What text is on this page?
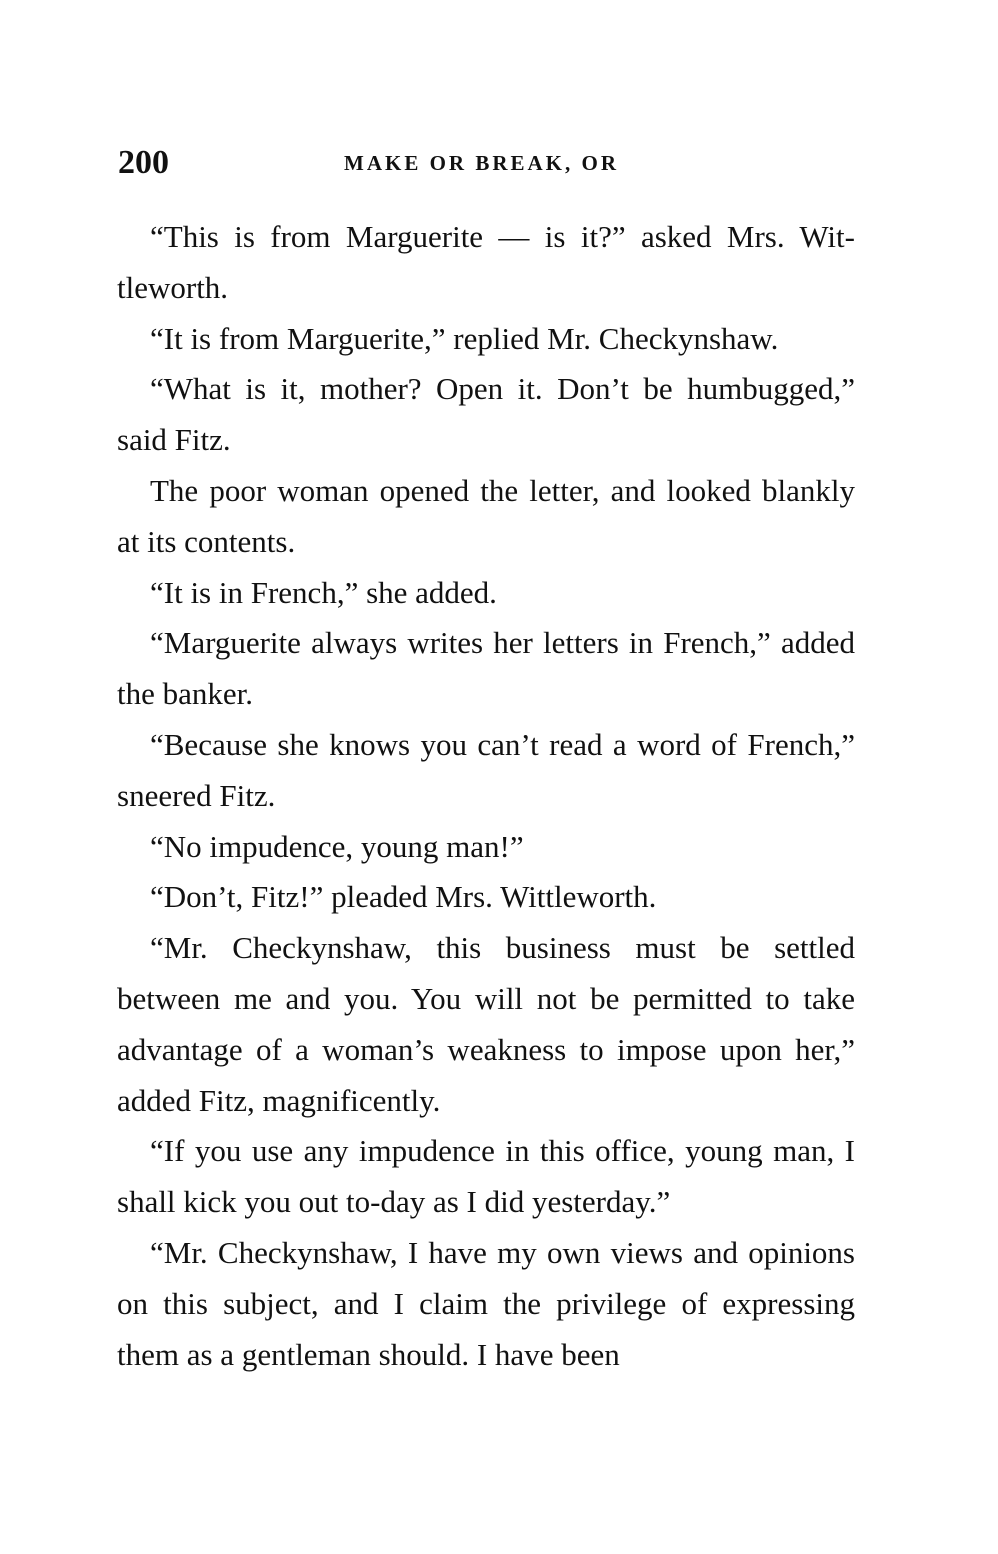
200	MAKE OR BREAK, OR

“This is from Marguerite — is it?” asked Mrs. Wittleworth.

“It is from Marguerite,” replied Mr. Checkynshaw.

“What is it, mother? Open it. Don’t be humbugged,” said Fitz.

The poor woman opened the letter, and looked blankly at its contents.

“It is in French,” she added.

“Marguerite always writes her letters in French,” added the banker.

“Because she knows you can’t read a word of French,” sneered Fitz.

“No impudence, young man!”

“Don’t, Fitz!” pleaded Mrs. Wittleworth.

“Mr. Checkynshaw, this business must be settled between me and you. You will not be permitted to take advantage of a woman’s weakness to impose upon her,” added Fitz, magnificently.

“If you use any impudence in this office, young man, I shall kick you out to-day as I did yesterday.”

“Mr. Checkynshaw, I have my own views and opinions on this subject, and I claim the privilege of expressing them as a gentleman should. I have been
